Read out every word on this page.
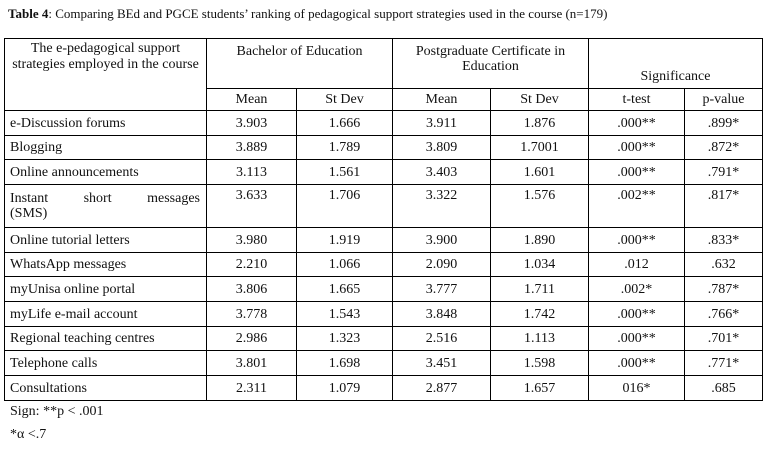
Table 4: Comparing BEd and PGCE students’ ranking of pedagogical support strategies used in the course (n=179)
The e-pedagogical support strategies employed in the course	Bachelor of Education		Postgraduate Certificate in Education		Significance	
	Mean	St Dev	Mean	St Dev	t-test	p-value
e-Discussion forums	3.903	1.666	3.911	1.876	.000**	.899*
Blogging	3.889	1.789	3.809	1.7001	.000**	.872*
Online announcements	3.113	1.561	3.403	1.601	.000**	.791*

Instant short messages
(SMS)	3.633	1.706	3.322	1.576	.002**	.817*
Online tutorial letters	3.980	1.919	3.900	1.890	.000**	.833*
WhatsApp messages	2.210	1.066	2.090	1.034	.012	.632
myUnisa online portal	3.806	1.665	3.777	1.711	.002*	.787*
myLife e-mail account	3.778	1.543	3.848	1.742	.000**	.766*
Regional teaching centres	2.986	1.323	2.516	1.113	.000**	.701*
Telephone calls	3.801	1.698	3.451	1.598	.000**	.771*
Consultations	2.311	1.079	2.877	1.657	016*	.685
Sign: **p < .001
*α <.7
